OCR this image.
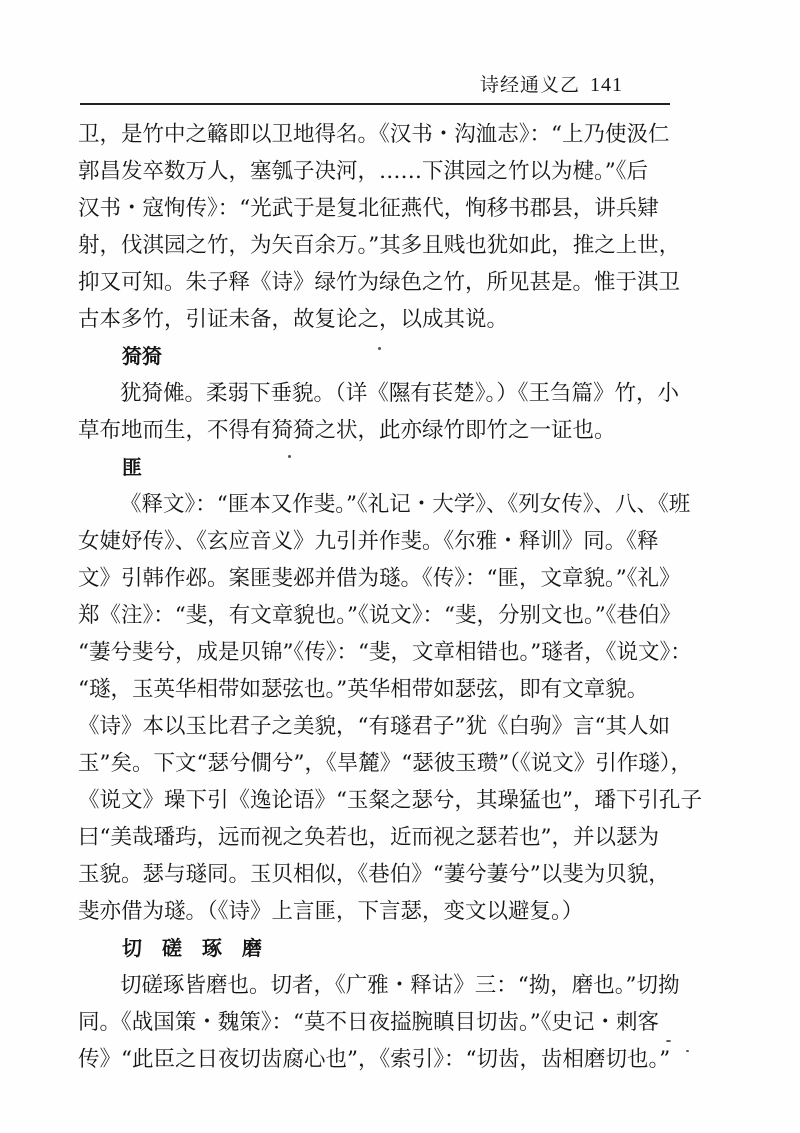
诗经通义乙 141
卫，是竹中之簵即以卫地得名。《汉书・沟洫志》：“上乃使汲仁
郭昌发卒数万人，塞瓠子决河，……下淇园之竹以为楗。”《后
汉书・寇恂传》：“光武于是复北征燕代，恂移书郡县，讲兵肄
射，伐淇园之竹，为矢百余万。”其多且贱也犹如此，推之上世，
抑又可知。朱子释《诗》绿竹为绿色之竹，所见甚是。惟于淇卫
古本多竹，引证未备，故复论之，以成其说。
猗猗
犹猗傩。柔弱下垂貌。（详《隰有苌楚》。）《王刍篇》竹，小
草布地而生，不得有猗猗之状，此亦绿竹即竹之一证也。
匪
《释文》：“匪本又作斐。”《礼记・大学》、《列女传》、八、《班
女婕妤传》、《玄应音义》九引并作斐。《尔雅・释训》同。《释
文》引韩作邲。案匪斐邲并借为璲。《传》：“匪，文章貌。”《礼》
郑《注》：“斐，有文章貌也。”《说文》：“斐，分别文也。”《巷伯》
“萋兮斐兮，成是贝锦”《传》：“斐，文章相错也。”璲者，《说文》：
“璲，玉英华相带如瑟弦也。”英华相带如瑟弦，即有文章貌。
《诗》本以玉比君子之美貌，“有璲君子”犹《白驹》言“其人如
玉”矣。下文“瑟兮僩兮”，《旱麓》“瑟彼玉瓒”（《说文》引作璲），
《说文》璪下引《逸论语》“玉粲之瑟兮，其璪猛也”，璠下引孔子
曰“美哉璠玙，远而视之奂若也，近而视之瑟若也”，并以瑟为
玉貌。瑟与璲同。玉贝相似，《巷伯》“萋兮萋兮”以斐为贝貌，
斐亦借为璲。（《诗》上言匪，下言瑟，变文以避复。）
切磋琢磨
切磋琢皆磨也。切者，《广雅・释诂》三：“拗，磨也。”切拗
同。《战国策・魏策》：“莫不日夜搤腕瞋目切齿。”《史记・刺客
传》“此臣之日夜切齿腐心也”，《索引》：“切齿，齿相磨切也。”
